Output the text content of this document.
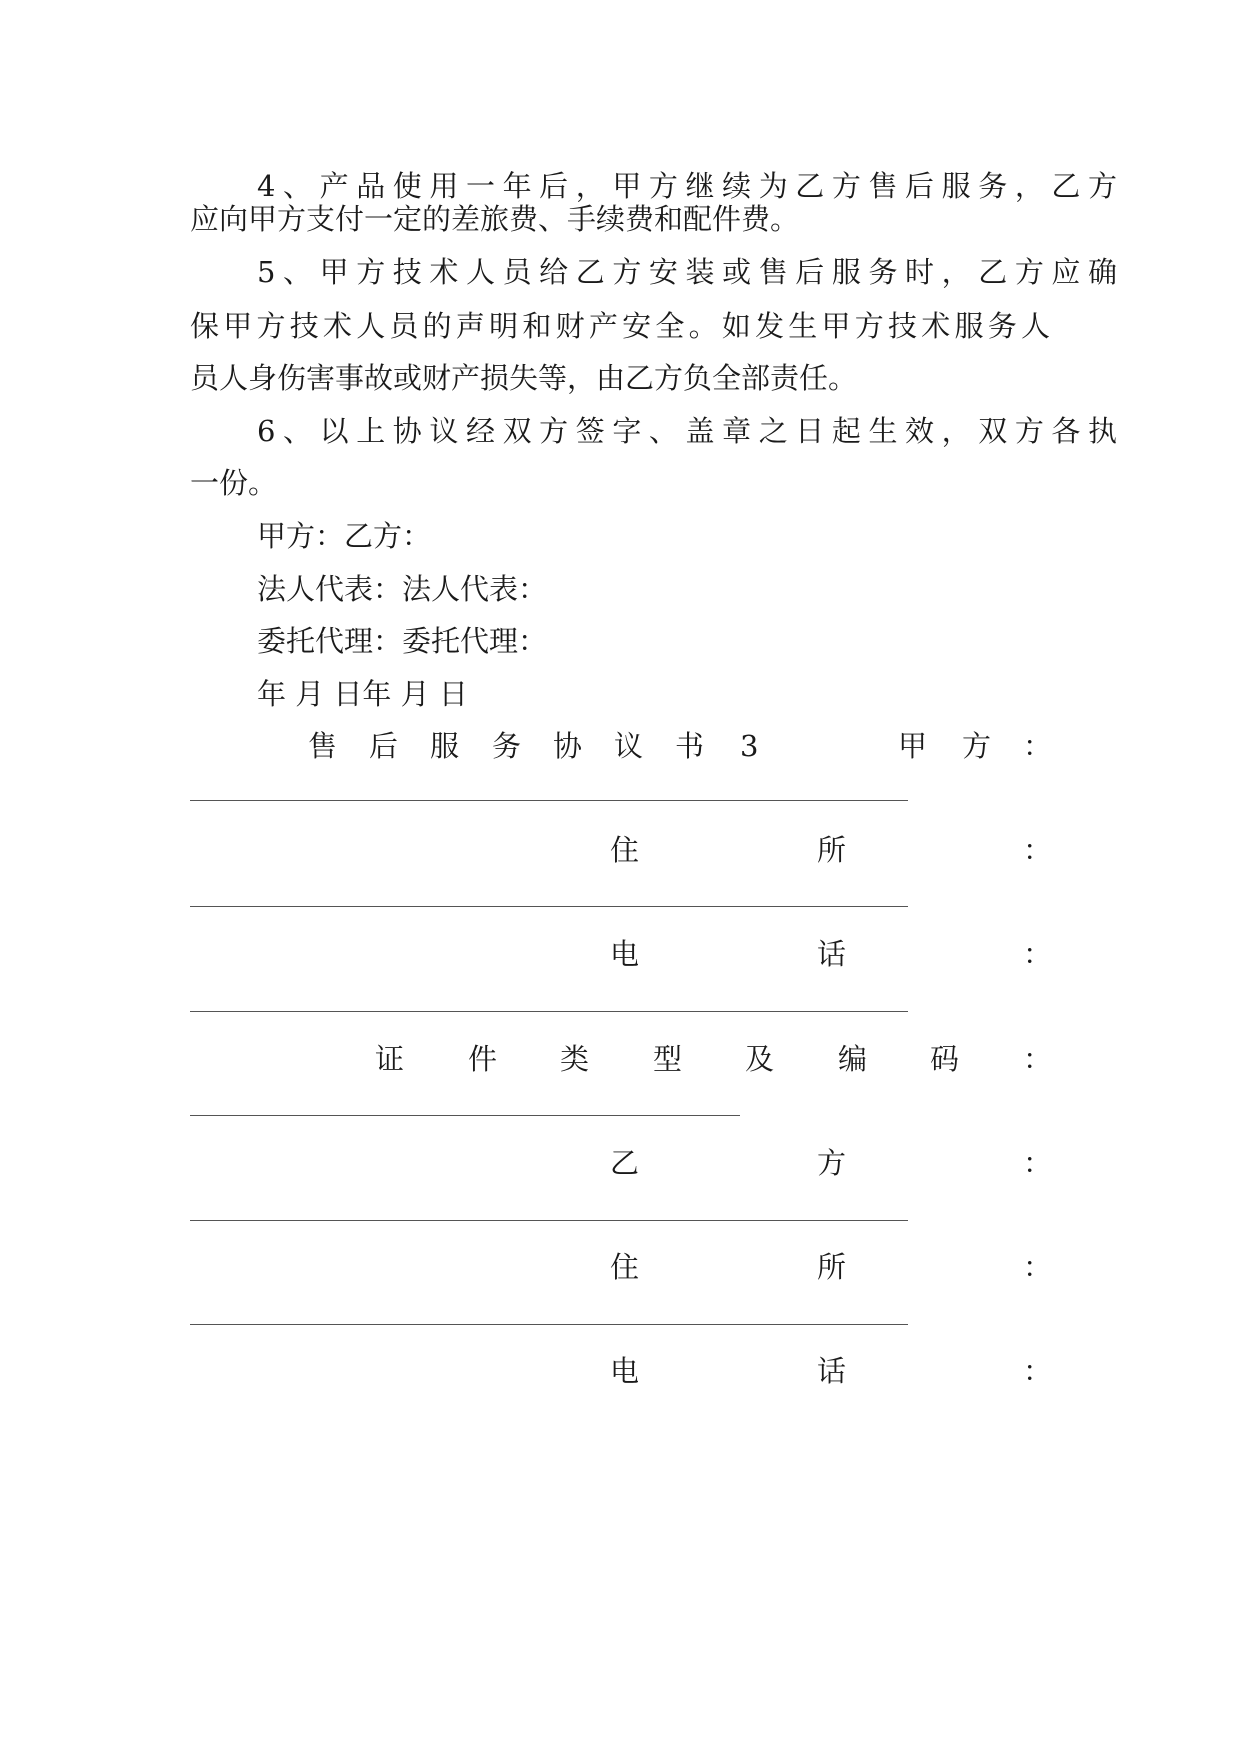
4、产品使用一年后，甲方继续为乙方售后服务，乙方
应向甲方支付一定的差旅费、手续费和配件费。
5、甲方技术人员给乙方安装或售后服务时，乙方应确
保甲方技术人员的声明和财产安全。如发生甲方技术服务人
员人身伤害事故或财产损失等，由乙方负全部责任。
6、以上协议经双方签字、盖章之日起生效，双方各执
一份。
甲方：乙方：
法人代表：法人代表：
委托代理：委托代理：
年 月 日年 月 日
售 后 服 务 协 议 书 3	甲 方 ：
住	所	：
电	话	：
证 件 类 型 及 编 码 ：
乙	方	：
住	所	：
电	话	：
